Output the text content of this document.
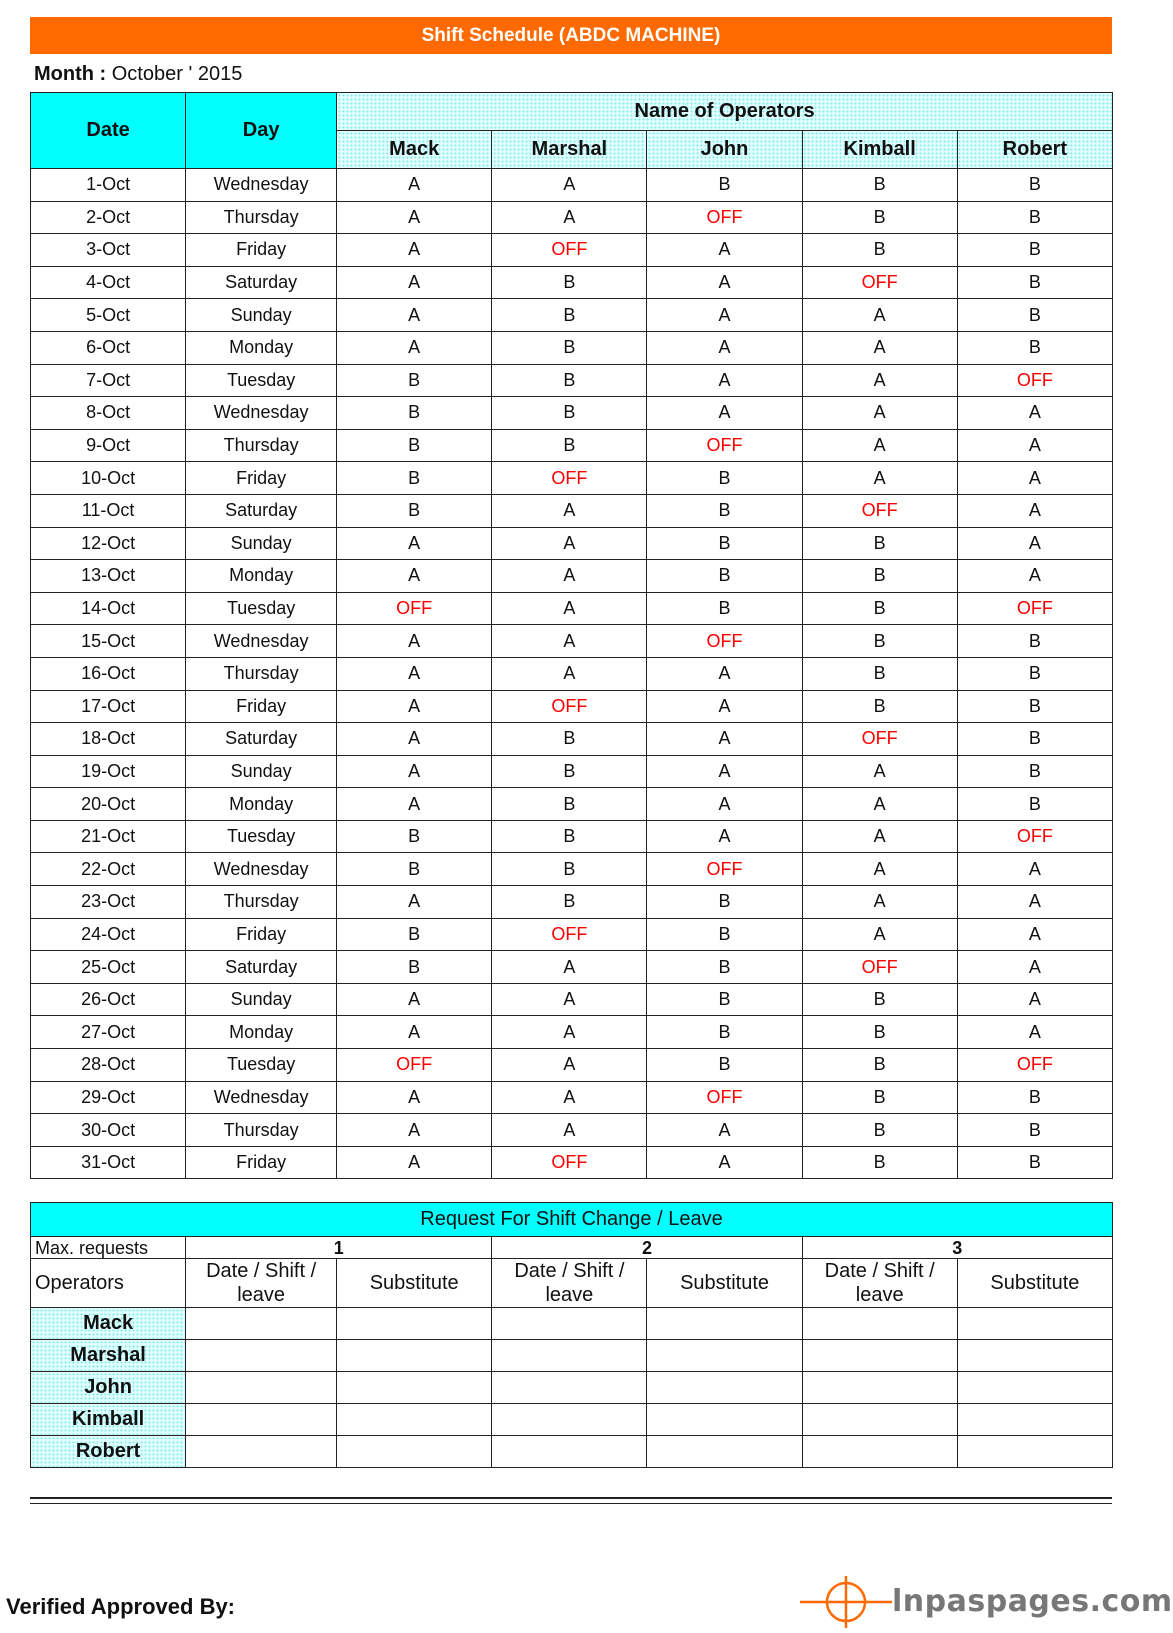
Shift Schedule (ABDC MACHINE)
Month : October ' 2015
Date	Day	Name of Operators				
		Mack	Marshal	John	Kimball	Robert
1-Oct	Wednesday	A	A	B	B	B
2-Oct	Thursday	A	A	OFF	B	B
3-Oct	Friday	A	OFF	A	B	B
4-Oct	Saturday	A	B	A	OFF	B
5-Oct	Sunday	A	B	A	A	B
6-Oct	Monday	A	B	A	A	B
7-Oct	Tuesday	B	B	A	A	OFF
8-Oct	Wednesday	B	B	A	A	A
9-Oct	Thursday	B	B	OFF	A	A
10-Oct	Friday	B	OFF	B	A	A
11-Oct	Saturday	B	A	B	OFF	A
12-Oct	Sunday	A	A	B	B	A
13-Oct	Monday	A	A	B	B	A
14-Oct	Tuesday	OFF	A	B	B	OFF
15-Oct	Wednesday	A	A	OFF	B	B
16-Oct	Thursday	A	A	A	B	B
17-Oct	Friday	A	OFF	A	B	B
18-Oct	Saturday	A	B	A	OFF	B
19-Oct	Sunday	A	B	A	A	B
20-Oct	Monday	A	B	A	A	B
21-Oct	Tuesday	B	B	A	A	OFF
22-Oct	Wednesday	B	B	OFF	A	A
23-Oct	Thursday	A	B	B	A	A
24-Oct	Friday	B	OFF	B	A	A
25-Oct	Saturday	B	A	B	OFF	A
26-Oct	Sunday	A	A	B	B	A
27-Oct	Monday	A	A	B	B	A
28-Oct	Tuesday	OFF	A	B	B	OFF
29-Oct	Wednesday	A	A	OFF	B	B
30-Oct	Thursday	A	A	A	B	B
31-Oct	Friday	A	OFF	A	B	B
Request For Shift Change / Leave						
Max. requests	1		2		3	
Operators	Date / Shift / leave	Substitute	Date / Shift / leave	Substitute	Date / Shift / leave	Substitute
Mack						
Marshal						
John						
Kimball						
Robert						
Verified Approved By:	lnpaspages.com
